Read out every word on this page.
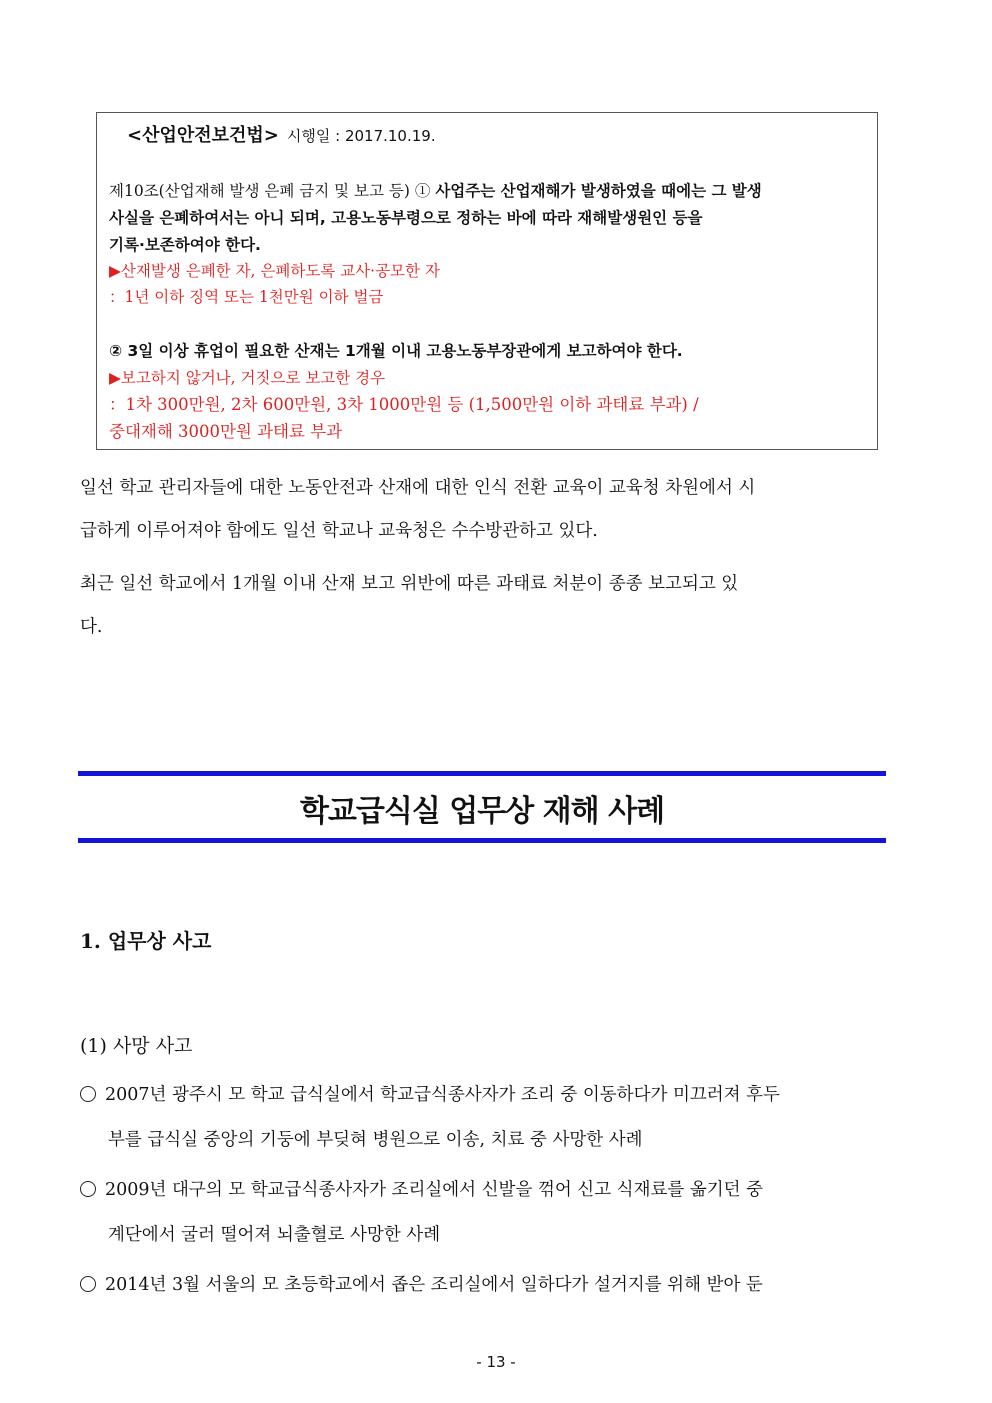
<산업안전보건법> 시행일 : 2017.10.19.
제10조(산업재해 발생 은폐 금지 및 보고 등) ① 사업주는 산업재해가 발생하였을 때에는 그 발생
사실을 은폐하여서는 아니 되며, 고용노동부령으로 정하는 바에 따라 재해발생원인 등을
기록·보존하여야 한다.
▶산재발생 은폐한 자, 은폐하도록 교사·공모한 자
：1년 이하 징역 또는 1천만원 이하 벌금
② 3일 이상 휴업이 필요한 산재는 1개월 이내 고용노동부장관에게 보고하여야 한다.
▶보고하지 않거나, 거짓으로 보고한 경우
：1차 300만원, 2차 600만원, 3차 1000만원 등 (1,500만원 이하 과태료 부과) /
중대재해 3000만원 과태료 부과
일선 학교 관리자들에 대한 노동안전과 산재에 대한 인식 전환 교육이 교육청 차원에서 시
급하게 이루어져야 함에도 일선 학교나 교육청은 수수방관하고 있다.
최근 일선 학교에서 1개월 이내 산재 보고 위반에 따른 과태료 처분이 종종 보고되고 있
다.
학교급식실 업무상 재해 사례
1. 업무상 사고
(1) 사망 사고
2007년 광주시 모 학교 급식실에서 학교급식종사자가 조리 중 이동하다가 미끄러져 후두
부를 급식실 중앙의 기둥에 부딪혀 병원으로 이송, 치료 중 사망한 사례
2009년 대구의 모 학교급식종사자가 조리실에서 신발을 꺾어 신고 식재료를 옮기던 중
계단에서 굴러 떨어져 뇌출혈로 사망한 사례
2014년 3월 서울의 모 초등학교에서 좁은 조리실에서 일하다가 설거지를 위해 받아 둔
- 13 -
